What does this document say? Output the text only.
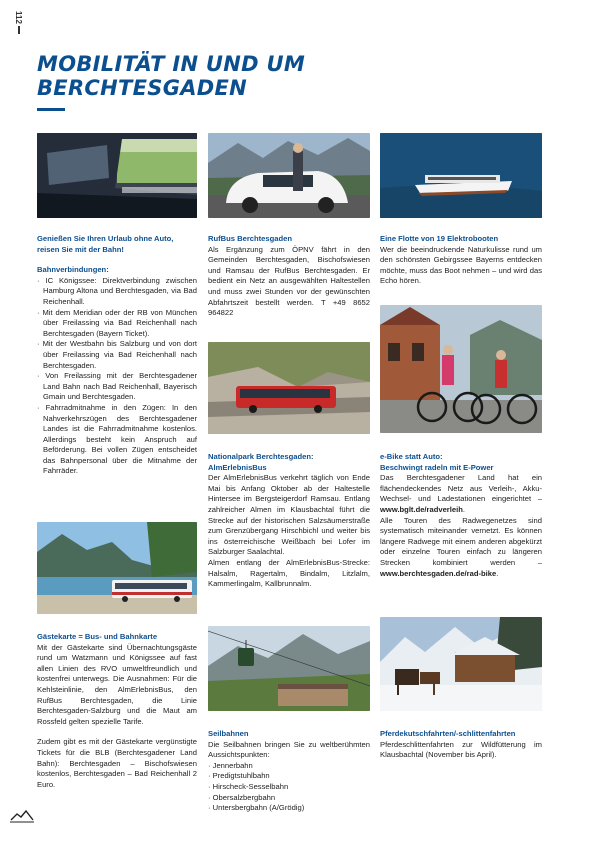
112
MOBILITÄT IN UND UM
BERCHTESGADEN

Genießen Sie Ihren Urlaub ohne Auto,

reisen Sie mit der Bahn!

Bahnverbindungen:

· IC Königssee: Direktverbindung zwischen Hamburg Altona und Berchtesgaden, via Bad Reichenhall.
· Mit dem Meridian oder der RB von München über Freilassing via Bad Reichenhall nach Berchtesgaden (Bayern Ticket).
· Mit der Westbahn bis Salzburg und von dort über Freilassing via Bad Reichenhall nach Berchtesgaden.
· Von Freilassing mit der Berchtesgadener Land Bahn nach Bad Reichenhall, Bayerisch Gmain und Berchtesgaden.
· Fahrradmitnahme in den Zügen: In den Nahverkehrszügen des Berchtesgadener Landes ist die Fahrradmitnahme kostenlos. Allerdings besteht kein Anspruch auf Beförderung. Bei vollen Zügen entscheidet das Bahnpersonal über die Mitnahme der Fahrräder.

Gästekarte = Bus- und Bahnkarte

Mit der Gästekarte sind Übernachtungsgäste rund um Watzmann und Königssee auf fast allen Linien des RVO umweltfreundlich und kostenfrei unterwegs. Die Ausnahmen: Für die Kehlsteinlinie, den AlmErlebnisBus, den RufBus Berchtesgaden, die Linie Berchtesgaden-Salzburg und die Maut am Rossfeld gelten spezielle Tarife.

Zudem gibt es mit der Gästekarte vergünstigte Tickets für die BLB (Berchtesgadener Land Bahn): Berchtesgaden – Bischofswiesen kostenlos, Berchtesgaden – Bad Reichenhall 2 Euro.

RufBus Berchtesgaden

Als Ergänzung zum ÖPNV fährt in den Gemeinden Berchtesgaden, Bischofswiesen und Ramsau der RufBus Berchtesgaden. Er bedient ein Netz an ausgewählten Haltestellen und muss zwei Stunden vor der gewünschten Abfahrtszeit bestellt werden. T +49 8652 964822

Nationalpark Berchtesgaden:

AlmErlebnisBus

Der AlmErlebnisBus verkehrt täglich von Ende Mai bis Anfang Oktober ab der Haltestelle Hintersee im Bergsteigerdorf Ramsau. Entlang zahlreicher Almen im Klausbachtal führt die Strecke auf der historischen Salzsäumerstraße zum Grenzübergang Hirschbichl und weiter bis ins österreichische Weißbach bei Lofer im Salzburger Saalachtal.

Almen entlang der AlmErlebnisBus-Strecke: Halsalm, Ragertalm, Bindalm, Litzlalm, Kammerlingalm, Kallbrunnalm.

Seilbahnen

Die Seilbahnen bringen Sie zu weltberühmten Aussichtspunkten:

· Jennerbahn
· Predigtstuhlbahn
· Hirscheck-Sesselbahn
· Obersalzbergbahn
· Untersbergbahn (A/Grödig)

Eine Flotte von 19 Elektrobooten

Wer die beeindruckende Naturkulisse rund um den schönsten Gebirgssee Bayerns entdecken möchte, muss das Boot nehmen – und wird das Echo hören.

e-Bike statt Auto:

Beschwingt radeln mit E-Power

Das Berchtesgadener Land hat ein flächendeckendes Netz aus Verleih-, Akku-Wechsel- und Ladestationen eingerichtet – www.bglt.de/radverleih.

Alle Touren des Radwegenetzes sind systematisch miteinander vernetzt. Es können längere Radwege mit einem anderen abgekürzt oder einzelne Touren einfach zu längeren Strecken kombiniert werden – www.berchtesgaden.de/rad-bike.

Pferdekutschfahrten/-schlittenfahrten

Pferdeschlittenfahrten zur Wildfütterung im Klausbachtal (November bis April).
